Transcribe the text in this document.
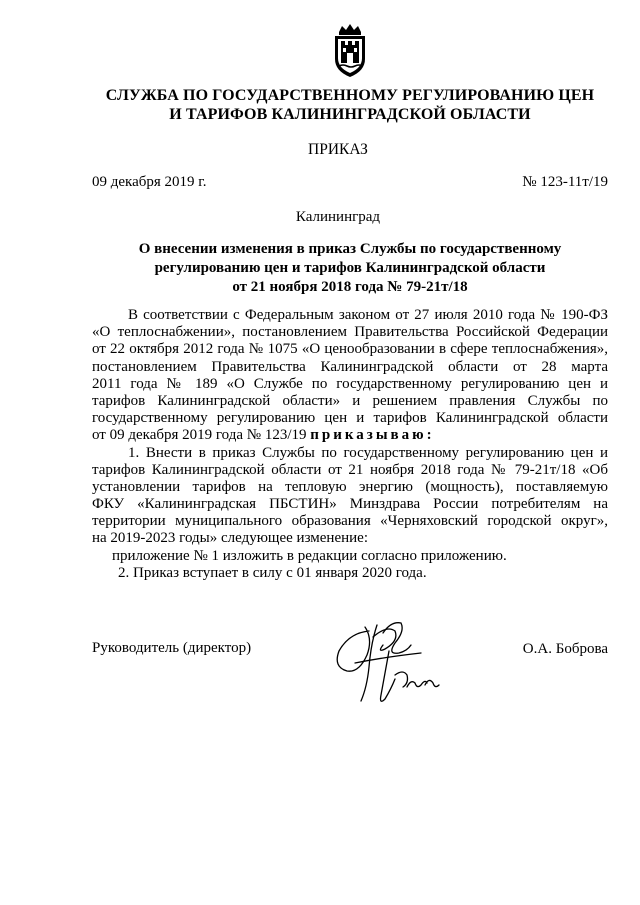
СЛУЖБА ПО ГОСУДАРСТВЕННОМУ РЕГУЛИРОВАНИЮ ЦЕН
И ТАРИФОВ КАЛИНИНГРАДСКОЙ ОБЛАСТИ
ПРИКАЗ
09 декабря 2019 г.	№ 123-11т/19
Калининград
О внесении изменения в приказ Службы по государственному
регулированию цен и тарифов Калининградской области
от 21 ноября 2018 года № 79-21т/18
В соответствии с Федеральным законом от 27 июля 2010 года № 190-ФЗ
«О теплоснабжении», постановлением Правительства Российской Федерации
от 22 октября 2012 года № 1075 «О ценообразовании в сфере теплоснабжения»,
постановлением Правительства Калининградской области от 28 марта
2011 года № 189 «О Службе по государственному регулированию цен и
тарифов Калининградской области» и решением правления Службы по
государственному регулированию цен и тарифов Калининградской области
от 09 декабря 2019 года № 123/19 приказываю:
1. Внести в приказ Службы по государственному регулированию цен и
тарифов Калининградской области от 21 ноября 2018 года № 79-21т/18 «Об
установлении тарифов на тепловую энергию (мощность), поставляемую
ФКУ «Калининградская ПБСТИН» Минздрава России потребителям на
территории муниципального образования «Черняховский городской округ»,
на 2019-2023 годы» следующее изменение:
приложение № 1 изложить в редакции согласно приложению.
2. Приказ вступает в силу с 01 января 2020 года.
Руководитель (директор)	О.А. Боброва
